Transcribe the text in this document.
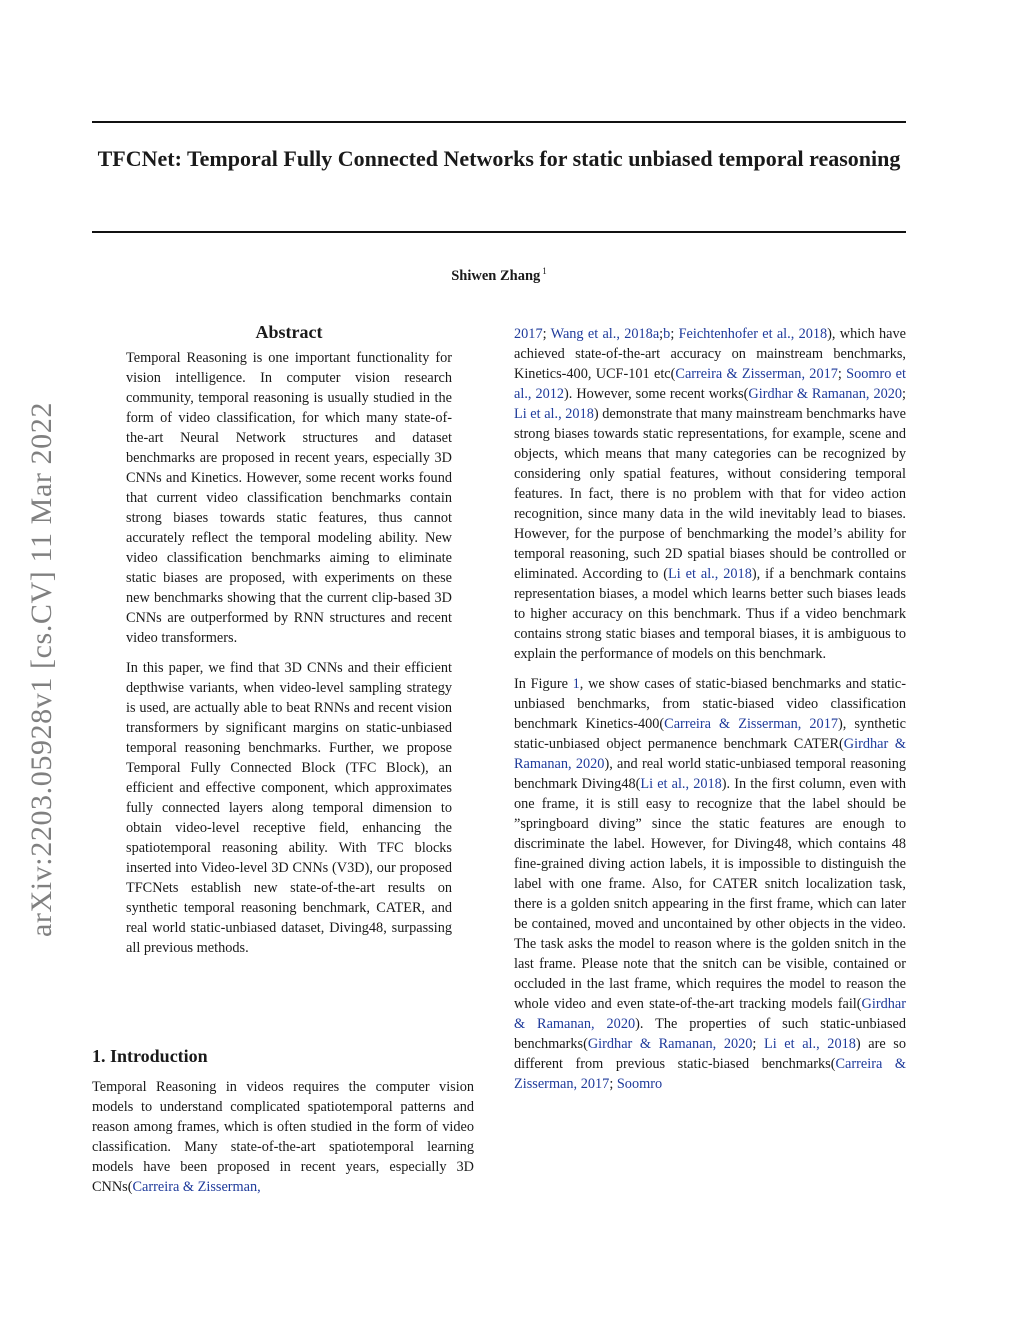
TFCNet: Temporal Fully Connected Networks for static unbiased temporal reasoning
Shiwen Zhang $^1$
arXiv:2203.05928v1 [cs.CV] 11 Mar 2022
Abstract

Temporal Reasoning is one important functionality for vision intelligence. In computer vision research community, temporal reasoning is usually studied in the form of video classification, for which many state-of-the-art Neural Network structures and dataset benchmarks are proposed in recent years, especially 3D CNNs and Kinetics. However, some recent works found that current video classification benchmarks contain strong biases towards static features, thus cannot accurately reflect the temporal modeling ability. New video classification benchmarks aiming to eliminate static biases are proposed, with experiments on these new benchmarks showing that the current clip-based 3D CNNs are outperformed by RNN structures and recent video transformers.

In this paper, we find that 3D CNNs and their efficient depthwise variants, when video-level sampling strategy is used, are actually able to beat RNNs and recent vision transformers by significant margins on static-unbiased temporal reasoning benchmarks. Further, we propose Temporal Fully Connected Block (TFC Block), an efficient and effective component, which approximates fully connected layers along temporal dimension to obtain video-level receptive field, enhancing the spatiotemporal reasoning ability. With TFC blocks inserted into Video-level 3D CNNs (V3D), our proposed TFCNets establish new state-of-the-art results on synthetic temporal reasoning benchmark, CATER, and real world static-unbiased dataset, Diving48, surpassing all previous methods.

1. Introduction

Temporal Reasoning in videos requires the computer vision models to understand complicated spatiotemporal patterns and reason among frames, which is often studied in the form of video classification. Many state-of-the-art spatiotemporal learning models have been proposed in recent years, especially 3D CNNs(Carreira & Zisserman,

2017; Wang et al., 2018a;b; Feichtenhofer et al., 2018), which have achieved state-of-the-art accuracy on mainstream benchmarks, Kinetics-400, UCF-101 etc(Carreira & Zisserman, 2017; Soomro et al., 2012). However, some recent works(Girdhar & Ramanan, 2020; Li et al., 2018) demonstrate that many mainstream benchmarks have strong biases towards static representations, for example, scene and objects, which means that many categories can be recognized by considering only spatial features, without considering temporal features. In fact, there is no problem with that for video action recognition, since many data in the wild inevitably lead to biases. However, for the purpose of benchmarking the model’s ability for temporal reasoning, such 2D spatial biases should be controlled or eliminated. According to (Li et al., 2018), if a benchmark contains representation biases, a model which learns better such biases leads to higher accuracy on this benchmark. Thus if a video benchmark contains strong static biases and temporal biases, it is ambiguous to explain the performance of models on this benchmark.

In Figure 1, we show cases of static-biased benchmarks and static-unbiased benchmarks, from static-biased video classification benchmark Kinetics-400(Carreira & Zisserman, 2017), synthetic static-unbiased object permanence benchmark CATER(Girdhar & Ramanan, 2020), and real world static-unbiased temporal reasoning benchmark Diving48(Li et al., 2018). In the first column, even with one frame, it is still easy to recognize that the label should be ”springboard diving” since the static features are enough to discriminate the label. However, for Diving48, which contains 48 fine-grained diving action labels, it is impossible to distinguish the label with one frame. Also, for CATER snitch localization task, there is a golden snitch appearing in the first frame, which can later be contained, moved and uncontained by other objects in the video. The task asks the model to reason where is the golden snitch in the last frame. Please note that the snitch can be visible, contained or occluded in the last frame, which requires the model to reason the whole video and even state-of-the-art tracking models fail(Girdhar & Ramanan, 2020). The properties of such static-unbiased benchmarks(Girdhar & Ramanan, 2020; Li et al., 2018) are so different from previous static-biased benchmarks(Carreira & Zisserman, 2017; Soomro
